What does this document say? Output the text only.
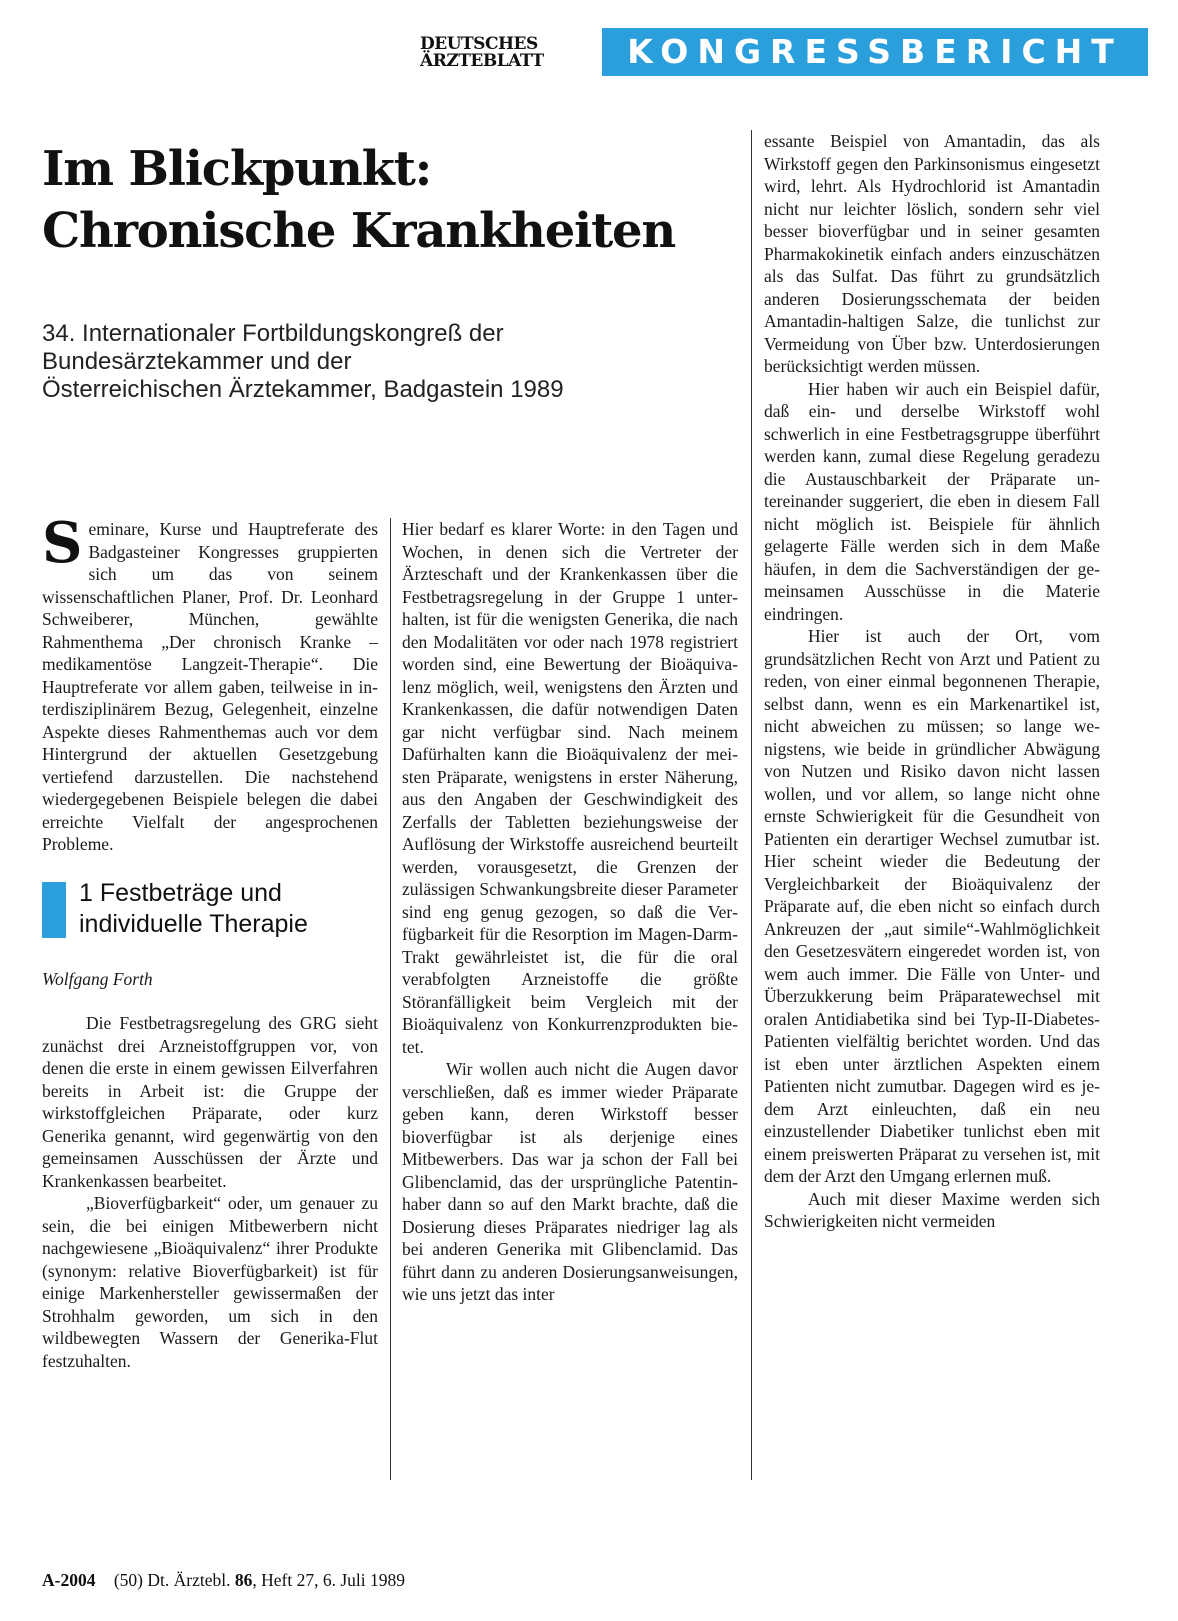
DEUTSCHES
ÄRZTEBLATT	KONGRESSBERICHT
Im Blickpunkt:
Chronische Krankheiten
34. Internationaler Fortbildungskongreß der
Bundesärztekammer und der
Österreichischen Ärztekammer, Badgastein 1989

Seminare, Kurse und Hauptreferate des Badgasteiner Kongresses gruppierten sich um das von seinem wissenschaftlichen Planer, Prof. Dr. Leonhard Schweiberer, München, gewählte Rahmenthema „Der chronisch Kranke – medikamentöse Langzeit-Therapie“. Die Hauptreferate vor allem gaben, teilweise in interdisziplinärem Bezug, Gelegenheit, einzelne Aspekte dieses Rahmenthemas auch vor dem Hintergrund der aktuellen Gesetzgebung vertiefend darzustellen. Die nachstehend wiedergegebenen Beispiele belegen die dabei erreichte Vielfalt der angesprochenen Probleme.

1 Festbeträge und
individuelle Therapie

Wolfgang Forth

Die Festbetragsregelung des GRG sieht zunächst drei Arzneistoffgruppen vor, von denen die erste in einem gewissen Eilverfahren bereits in Arbeit ist: die Gruppe der wirkstoffgleichen Präparate, oder kurz Generika genannt, wird gegenwärtig von den gemeinsamen Ausschüssen der Ärzte und Krankenkassen bearbeitet.

„Bioverfügbarkeit“ oder, um genauer zu sein, die bei einigen Mitbewerbern nicht nachgewiesene „Bioäquivalenz“ ihrer Produkte (synonym: relative Bioverfügbarkeit) ist für einige Markenhersteller gewissermaßen der Strohhalm geworden, um sich in den wildbewegten Wassern der Generika-Flut festzuhalten.

Hier bedarf es klarer Worte: in den Tagen und Wochen, in denen sich die Vertreter der Ärzteschaft und der Krankenkassen über die Festbetragsregelung in der Gruppe 1 unterhalten, ist für die wenigsten Generika, die nach den Modalitäten vor oder nach 1978 registriert worden sind, eine Bewertung der Bioäquivalenz möglich, weil, wenigstens den Ärzten und Krankenkassen, die dafür notwendigen Daten gar nicht verfügbar sind. Nach meinem Dafürhalten kann die Bioäquivalenz der meisten Präparate, wenigstens in erster Näherung, aus den Angaben der Geschwindigkeit des Zerfalls der Tabletten beziehungsweise der Auflösung der Wirkstoffe ausreichend beurteilt werden, vorausgesetzt, die Grenzen der zulässigen Schwankungsbreite dieser Parameter sind eng genug gezogen, so daß die Verfügbarkeit für die Resorption im Magen-Darm-Trakt gewährleistet ist, die für die oral verabfolgten Arzneistoffe die größte Störanfälligkeit beim Vergleich mit der Bioäquivalenz von Konkurrenzprodukten bietet.

Wir wollen auch nicht die Augen davor verschließen, daß es immer wieder Präparate geben kann, deren Wirkstoff besser bioverfügbar ist als derjenige eines Mitbewerbers. Das war ja schon der Fall bei Glibenclamid, das der ursprüngliche Patentinhaber dann so auf den Markt brachte, daß die Dosierung dieses Präparates niedriger lag als bei anderen Generika mit Glibenclamid. Das führt dann zu anderen Dosierungsanweisungen, wie uns jetzt das inter

essante Beispiel von Amantadin, das als Wirkstoff gegen den Parkinsonismus eingesetzt wird, lehrt. Als Hydrochlorid ist Amantadin nicht nur leichter löslich, sondern sehr viel besser bioverfügbar und in seiner gesamten Pharmakokinetik einfach anders einzuschätzen als das Sulfat. Das führt zu grundsätzlich anderen Dosierungsschemata der beiden Amantadin-haltigen Salze, die tunlichst zur Vermeidung von Über bzw. Unterdosierungen berücksichtigt werden müssen.

Hier haben wir auch ein Beispiel dafür, daß ein- und derselbe Wirkstoff wohl schwerlich in eine Festbetragsgruppe überführt werden kann, zumal diese Regelung geradezu die Austauschbarkeit der Präparate untereinander suggeriert, die eben in diesem Fall nicht möglich ist. Beispiele für ähnlich gelagerte Fälle werden sich in dem Maße häufen, in dem die Sachverständigen der gemeinsamen Ausschüsse in die Materie eindringen.

Hier ist auch der Ort, vom grundsätzlichen Recht von Arzt und Patient zu reden, von einer einmal begonnenen Therapie, selbst dann, wenn es ein Markenartikel ist, nicht abweichen zu müssen; so lange wenigstens, wie beide in gründlicher Abwägung von Nutzen und Risiko davon nicht lassen wollen, und vor allem, so lange nicht ohne ernste Schwierigkeit für die Gesundheit von Patienten ein derartiger Wechsel zumutbar ist. Hier scheint wieder die Bedeutung der Vergleichbarkeit der Bioäquivalenz der Präparate auf, die eben nicht so einfach durch Ankreuzen der „aut simile“-Wahlmöglichkeit den Gesetzesvätern eingeredet worden ist, von wem auch immer. Die Fälle von Unter- und Überzukkerung beim Präparatewechsel mit oralen Antidiabetika sind bei Typ-II-Diabetes-Patienten vielfältig berichtet worden. Und das ist eben unter ärztlichen Aspekten einem Patienten nicht zumutbar. Dagegen wird es jedem Arzt einleuchten, daß ein neu einzustellender Diabetiker tunlichst eben mit einem preiswerten Präparat zu versehen ist, mit dem der Arzt den Umgang erlernen muß.

Auch mit dieser Maxime werden sich Schwierigkeiten nicht vermeiden

A-2004 (50) Dt. Ärztebl. 86, Heft 27, 6. Juli 1989
